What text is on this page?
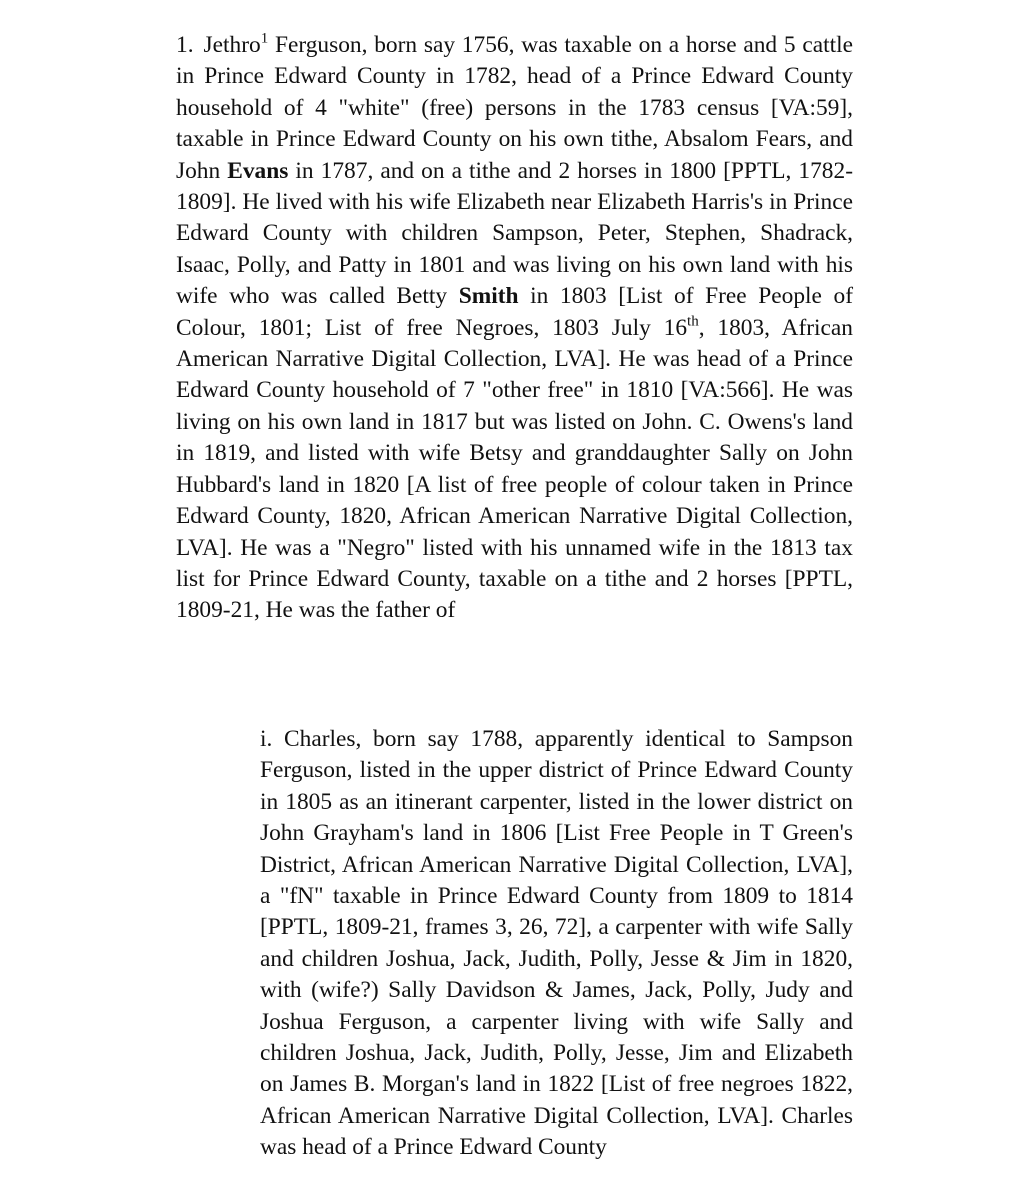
1. Jethro$^1$ Ferguson, born say 1756, was taxable on a horse and 5 cattle in Prince Edward County in 1782, head of a Prince Edward County household of 4 "white" (free) persons in the 1783 census [VA:59], taxable in Prince Edward County on his own tithe, Absalom Fears, and John Evans in 1787, and on a tithe and 2 horses in 1800 [PPTL, 1782-1809]. He lived with his wife Elizabeth near Elizabeth Harris's in Prince Edward County with children Sampson, Peter, Stephen, Shadrack, Isaac, Polly, and Patty in 1801 and was living on his own land with his wife who was called Betty Smith in 1803 [List of Free People of Colour, 1801; List of free Negroes, 1803 July 16th, 1803, African American Narrative Digital Collection, LVA]. He was head of a Prince Edward County household of 7 "other free" in 1810 [VA:566]. He was living on his own land in 1817 but was listed on John. C. Owens's land in 1819, and listed with wife Betsy and granddaughter Sally on John Hubbard's land in 1820 [A list of free people of colour taken in Prince Edward County, 1820, African American Narrative Digital Collection, LVA]. He was a "Negro" listed with his unnamed wife in the 1813 tax list for Prince Edward County, taxable on a tithe and 2 horses [PPTL, 1809-21, He was the father of

i. Charles, born say 1788, apparently identical to Sampson Ferguson, listed in the upper district of Prince Edward County in 1805 as an itinerant carpenter, listed in the lower district on John Grayham's land in 1806 [List Free People in T Green's District, African American Narrative Digital Collection, LVA], a "fN" taxable in Prince Edward County from 1809 to 1814 [PPTL, 1809-21, frames 3, 26, 72], a carpenter with wife Sally and children Joshua, Jack, Judith, Polly, Jesse & Jim in 1820, with (wife?) Sally Davidson & James, Jack, Polly, Judy and Joshua Ferguson, a carpenter living with wife Sally and children Joshua, Jack, Judith, Polly, Jesse, Jim and Elizabeth on James B. Morgan's land in 1822 [List of free negroes 1822, African American Narrative Digital Collection, LVA]. Charles was head of a Prince Edward County
